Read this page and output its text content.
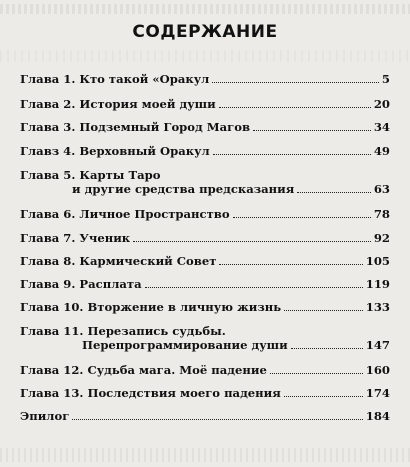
СОДЕРЖАНИЕ
Глава 1. Кто такой «Оракул	5
Глава 2. История моей души	20
Глава 3. Подземный Город Магов	34
Главз 4. Верховный Оракул	49
Глава 5. Карты Таро
и другие средства предсказания	63
Глава 6. Личное Пространство	78
Глава 7. Ученик	92
Глава 8. Кармический Совет	105
Глава 9. Расплата	119
Глава 10. Вторжение в личную жизнь	133
Глава 11. Перезапись судьбы.
Перепрограммирование души	147
Глава 12. Судьба мага. Моё падение	160
Глава 13. Последствия моего падения	174
Эпилог	184
